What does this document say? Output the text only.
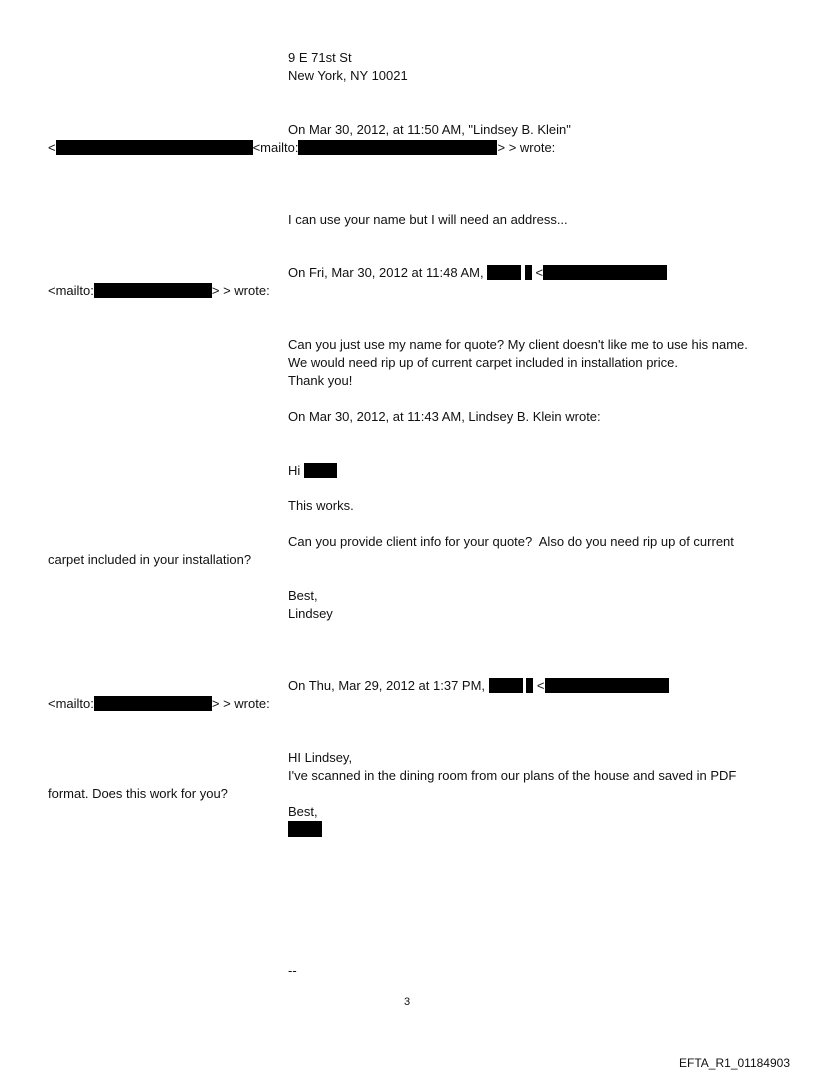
9 E 71st St
New York, NY 10021
On Mar 30, 2012, at 11:50 AM, "Lindsey B. Klein"
<	<mailto:	> > wrote:
I can use your name but I will need an address...
On Fri, Mar 30, 2012 at 11:48 AM,	<
<mailto:	> > wrote:
Can you just use my name for quote? My client doesn't like me to use his name.
We would need rip up of current carpet included in installation price.
Thank you!
On Mar 30, 2012, at 11:43 AM, Lindsey B. Klein wrote:
Hi
This works.
Can you provide client info for your quote?  Also do you need rip up of current
carpet included in your installation?
Best,
Lindsey
On Thu, Mar 29, 2012 at 1:37 PM,	<
<mailto:	> > wrote:
HI Lindsey,
I've scanned in the dining room from our plans of the house and saved in PDF
format. Does this work for you?
Best,
--
3
EFTA_R1_01184903
